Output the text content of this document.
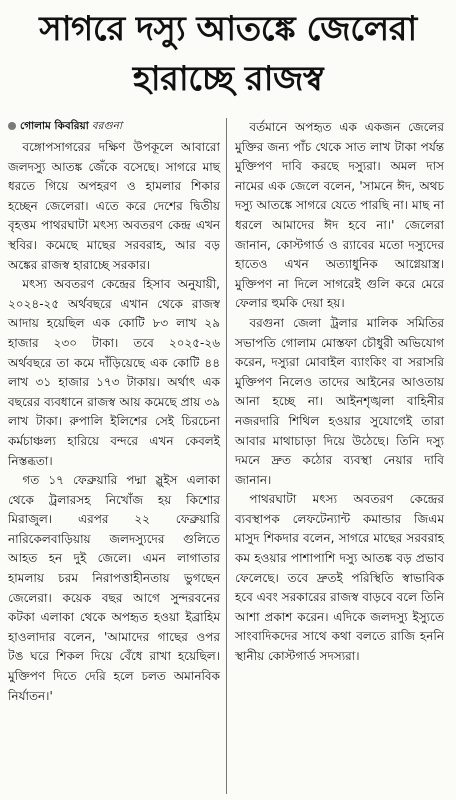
সাগরে দস্যু আতঙ্কে জেলেরা
হারাচ্ছে রাজস্ব
গোলাম কিবরিয়া বরগুনা

বঙ্গোপসাগরের দক্ষিণ উপকূলে আবারো জলদস্যু আতঙ্ক জেঁকে বসেছে। সাগরে মাছ ধরতে গিয়ে অপহরণ ও হামলার শিকার হচ্ছেন জেলেরা। এতে করে দেশের দ্বিতীয় বৃহত্তম পাথরঘাটা মৎস্য অবতরণ কেন্দ্র এখন স্থবির। কমেছে মাছের সরবরাহ, আর বড় অঙ্কের রাজস্ব হারাচ্ছে সরকার।

মৎস্য অবতরণ কেন্দ্রের হিসাব অনুযায়ী, ২০২৪-২৫ অর্থবছরে এখান থেকে রাজস্ব আদায় হয়েছিল এক কোটি ৮৩ লাখ ২৯ হাজার ২৩০ টাকা। তবে ২০২৫-২৬ অর্থবছরে তা কমে দাঁড়িয়েছে এক কোটি ৪৪ লাখ ৩১ হাজার ১৭৩ টাকায়। অর্থাৎ এক বছরের ব্যবধানে রাজস্ব আয় কমেছে প্রায় ৩৯ লাখ টাকা। রুপালি ইলিশের সেই চিরচেনা কর্মচাঞ্চল্য হারিয়ে বন্দরে এখন কেবলই নিস্তব্ধতা।

গত ১৭ ফেব্রুয়ারি পদ্মা স্লুইস এলাকা থেকে ট্রলারসহ নিখোঁজ হয় কিশোর মিরাজুল। এরপর ২২ ফেব্রুয়ারি নারিকেলবাড়িয়ায় জলদস্যুদের গুলিতে আহত হন দুই জেলে। এমন লাগাতার হামলায় চরম নিরাপত্তাহীনতায় ভুগছেন জেলেরা। কয়েক বছর আগে সুন্দরবনের কটকা এলাকা থেকে অপহৃত হওয়া ইব্রাহিম হাওলাদার বলেন, 'আমাদের গাছের ওপর টঙ ঘরে শিকল দিয়ে বেঁধে রাখা হয়েছিল। মুক্তিপণ দিতে দেরি হলে চলত অমানবিক নির্যাতন।'

বর্তমানে অপহৃত এক একজন জেলের মুক্তির জন্য পাঁচ থেকে সাত লাখ টাকা পর্যন্ত মুক্তিপণ দাবি করছে দস্যুরা। অমল দাস নামের এক জেলে বলেন, 'সামনে ঈদ, অথচ দস্যু আতঙ্কে সাগরে যেতে পারছি না। মাছ না ধরলে আমাদের ঈদ হবে না।' জেলেরা জানান, কোস্টগার্ড ও র‌্যাবের মতো দস্যুদের হাতেও এখন অত্যাধুনিক আগ্নেয়াস্ত্র। মুক্তিপণ না দিলে সাগরেই গুলি করে মেরে ফেলার হুমকি দেয়া হয়।

বরগুনা জেলা ট্রলার মালিক সমিতির সভাপতি গোলাম মোস্তফা চৌধুরী অভিযোগ করেন, দস্যুরা মোবাইল ব্যাংকিং বা সরাসরি মুক্তিপণ নিলেও তাদের আইনের আওতায় আনা হচ্ছে না। আইনশৃঙ্খলা বাহিনীর নজরদারি শিথিল হওয়ার সুযোগেই তারা আবার মাথাচাড়া দিয়ে উঠেছে। তিনি দস্যু দমনে দ্রুত কঠোর ব্যবস্থা নেয়ার দাবি জানান।

পাথরঘাটা মৎস্য অবতরণ কেন্দ্রের ব্যবস্থাপক লেফটেন্যান্ট কমান্ডার জিএম মাসুদ শিকদার বলেন, সাগরে মাছের সরবরাহ কম হওয়ার পাশাপাশি দস্যু আতঙ্ক বড় প্রভাব ফেলেছে। তবে দ্রুতই পরিস্থিতি স্বাভাবিক হবে এবং সরকারের রাজস্ব বাড়বে বলে তিনি আশা প্রকাশ করেন। এদিকে জলদস্যু ইস্যুতে সাংবাদিকদের সাথে কথা বলতে রাজি হননি স্থানীয় কোস্টগার্ড সদস্যরা।
